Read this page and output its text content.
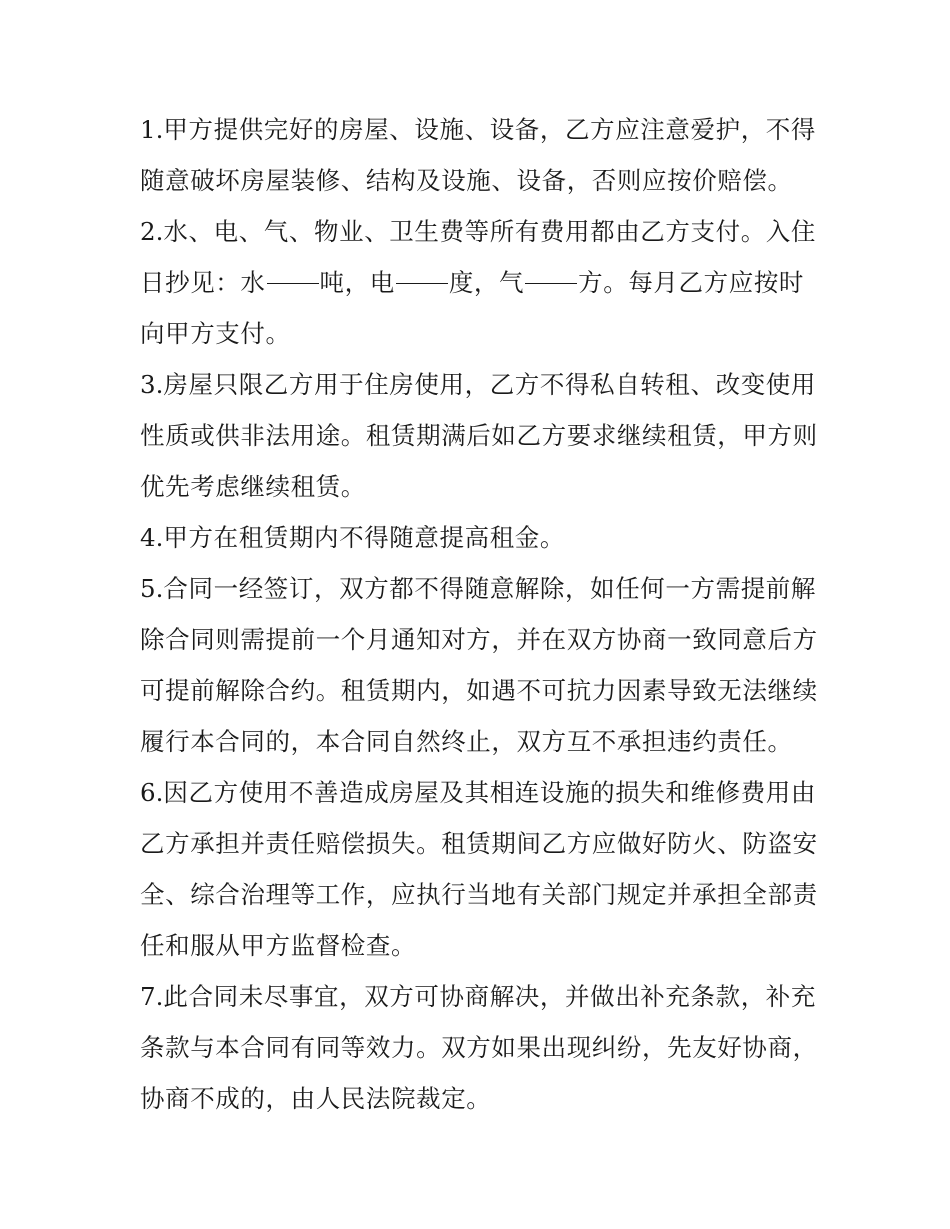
1.甲方提供完好的房屋、设施、设备，乙方应注意爱护，不得
随意破坏房屋装修、结构及设施、设备，否则应按价赔偿。
2.水、电、气、物业、卫生费等所有费用都由乙方支付。入住
日抄见：水 吨，电 度，气 方。每月乙方应按时
向甲方支付。
3.房屋只限乙方用于住房使用，乙方不得私自转租、改变使用
性质或供非法用途。租赁期满后如乙方要求继续租赁，甲方则
优先考虑继续租赁。
4.甲方在租赁期内不得随意提高租金。
5.合同一经签订，双方都不得随意解除，如任何一方需提前解
除合同则需提前一个月通知对方，并在双方协商一致同意后方
可提前解除合约。租赁期内，如遇不可抗力因素导致无法继续
履行本合同的，本合同自然终止，双方互不承担违约责任。
6.因乙方使用不善造成房屋及其相连设施的损失和维修费用由
乙方承担并责任赔偿损失。租赁期间乙方应做好防火、防盗安
全、综合治理等工作，应执行当地有关部门规定并承担全部责
任和服从甲方监督检查。
7.此合同未尽事宜，双方可协商解决，并做出补充条款，补充
条款与本合同有同等效力。双方如果出现纠纷，先友好协商，
协商不成的，由人民法院裁定。
